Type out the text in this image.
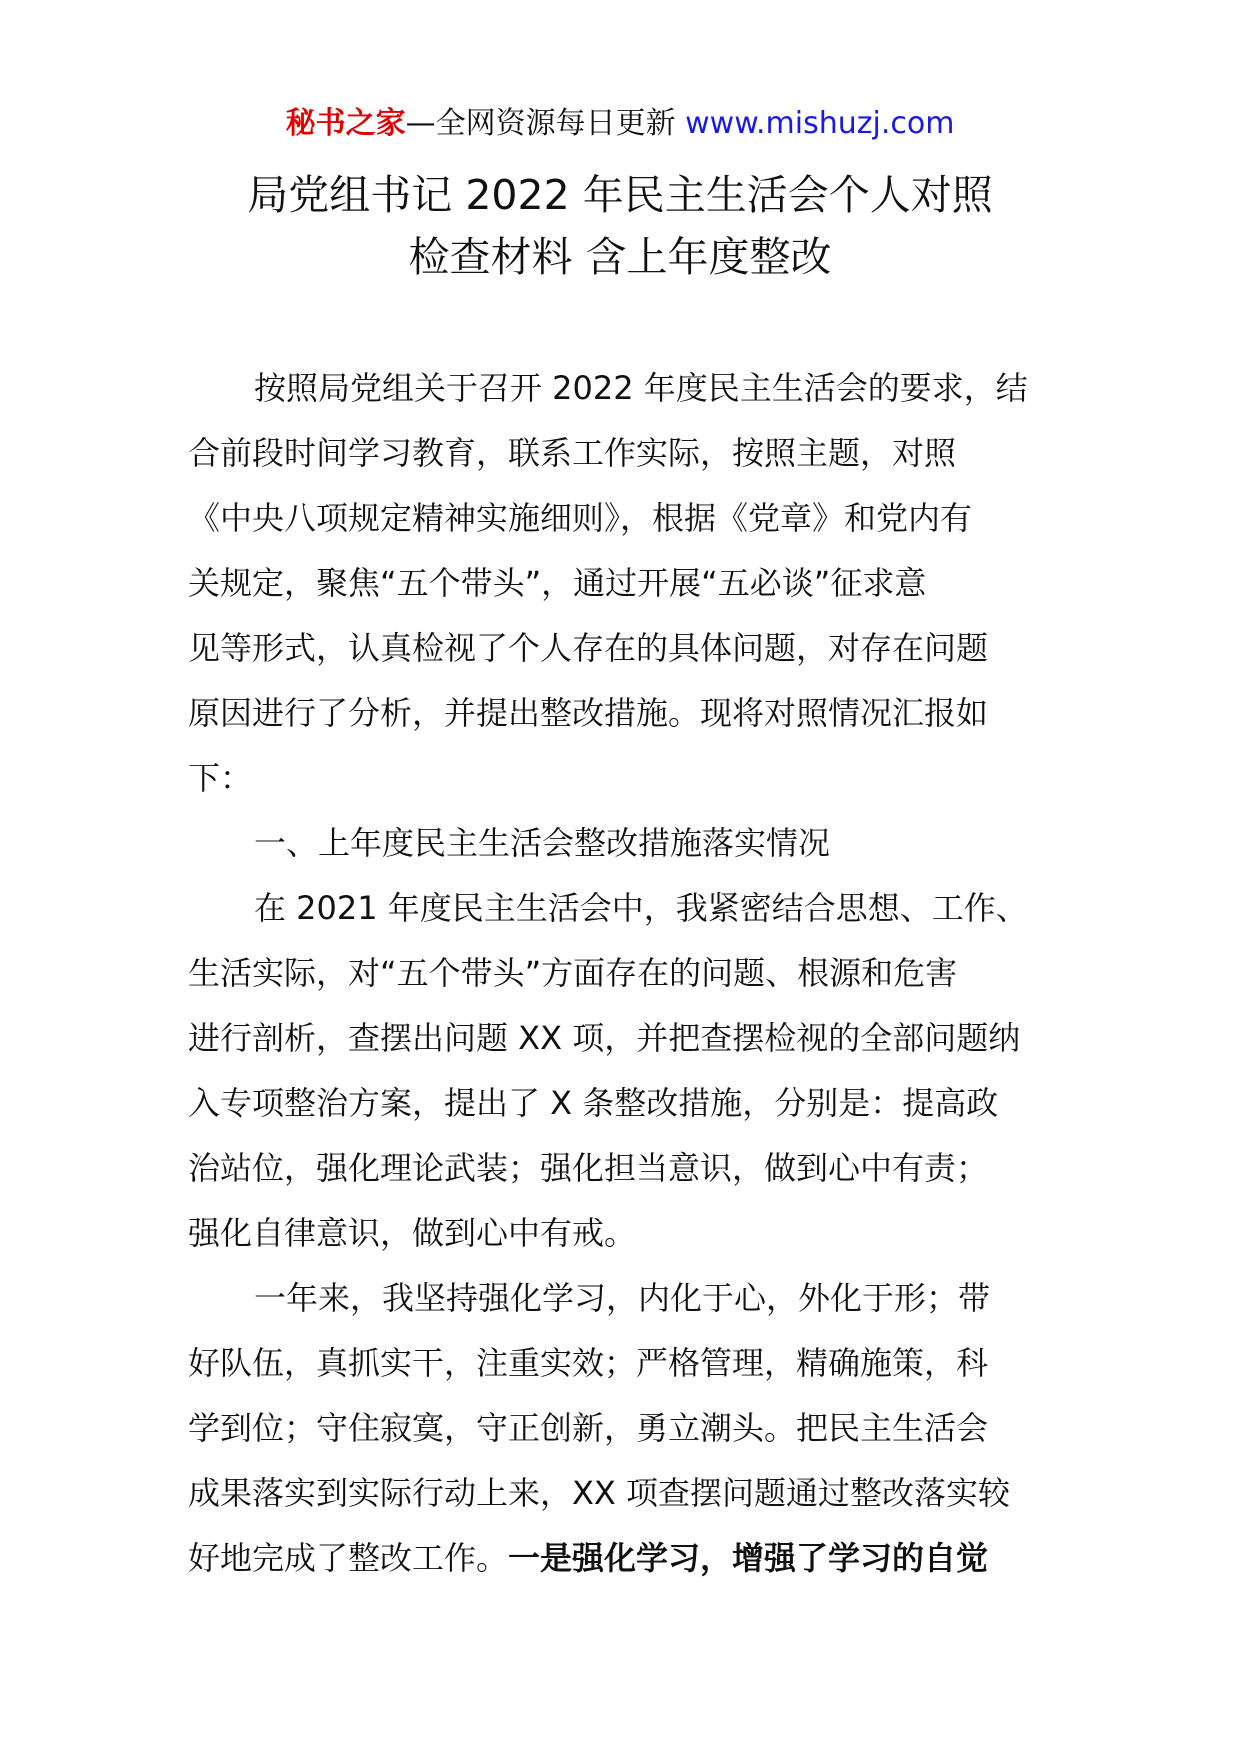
秘书之家—全网资源每日更新 www.mishuzj.com
局党组书记 2022 年民主生活会个人对照
检查材料 含上年度整改
按照局党组关于召开 2022 年度民主生活会的要求，结
合前段时间学习教育，联系工作实际，按照主题，对照
《中央八项规定精神实施细则》，根据《党章》和党内有
关规定，聚焦“五个带头”，通过开展“五必谈”征求意
见等形式，认真检视了个人存在的具体问题，对存在问题
原因进行了分析，并提出整改措施。现将对照情况汇报如
下：
一、上年度民主生活会整改措施落实情况
在 2021 年度民主生活会中，我紧密结合思想、工作、
生活实际，对“五个带头”方面存在的问题、根源和危害
进行剖析，查摆出问题 XX 项，并把查摆检视的全部问题纳
入专项整治方案，提出了 X 条整改措施，分别是：提高政
治站位，强化理论武装；强化担当意识，做到心中有责；
强化自律意识，做到心中有戒。
一年来，我坚持强化学习，内化于心，外化于形；带
好队伍，真抓实干，注重实效；严格管理，精确施策，科
学到位；守住寂寞，守正创新，勇立潮头。把民主生活会
成果落实到实际行动上来，XX 项查摆问题通过整改落实较
好地完成了整改工作。一是强化学习，增强了学习的自觉
